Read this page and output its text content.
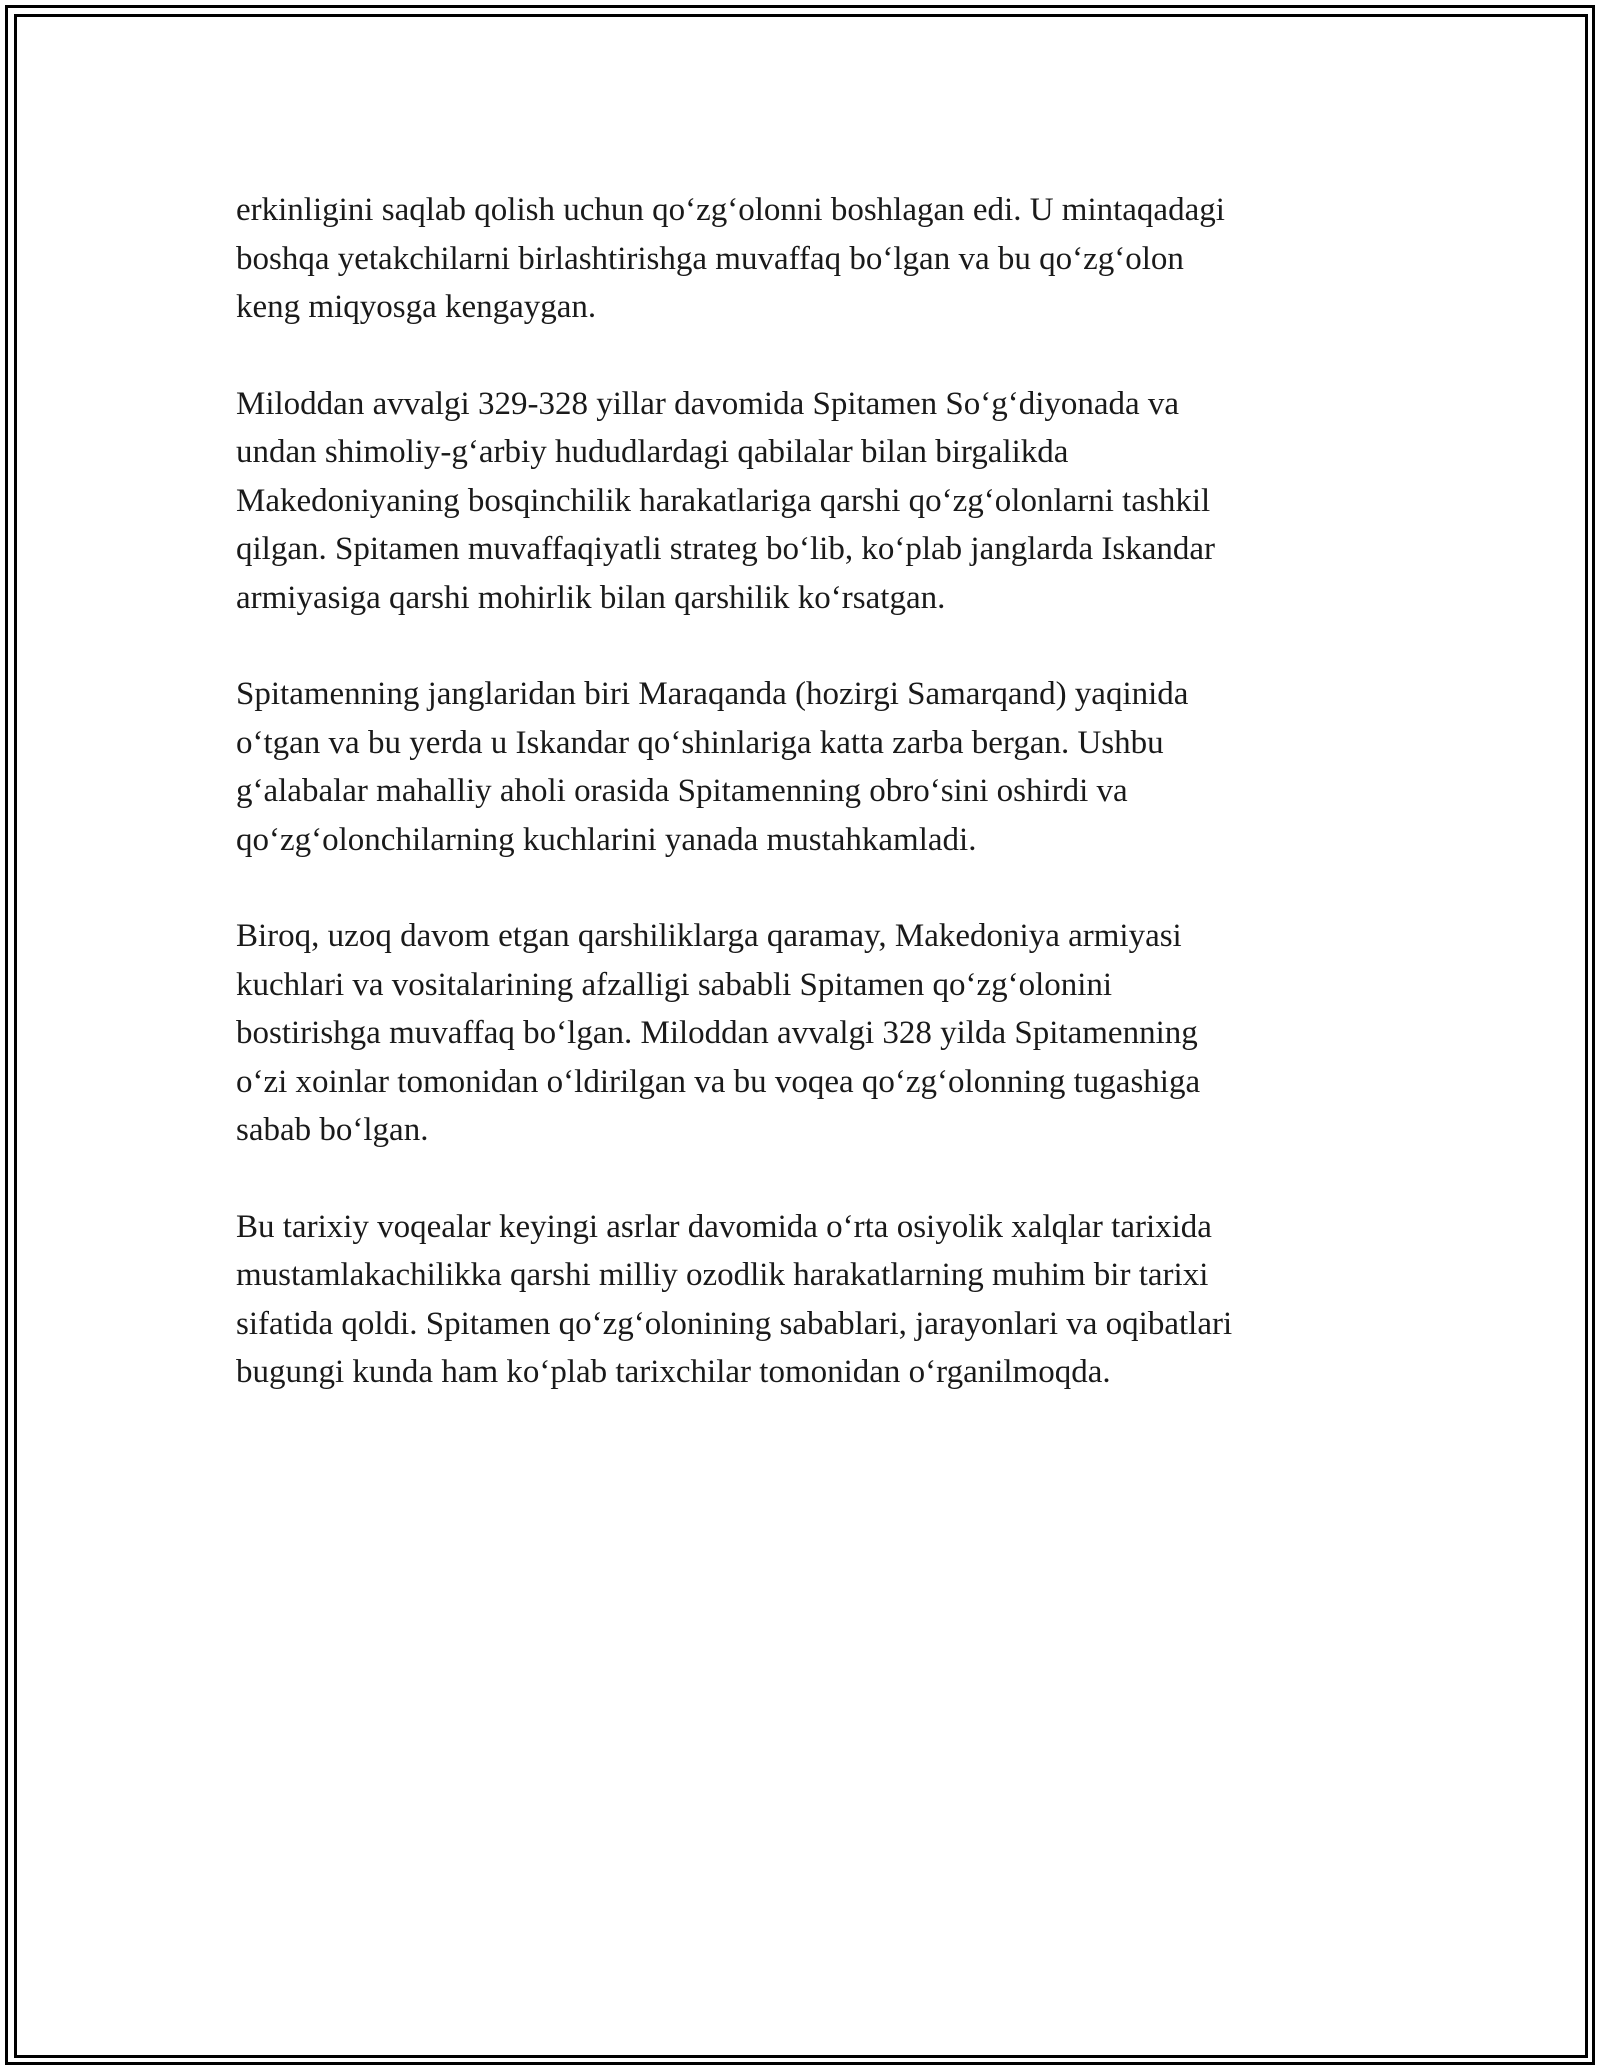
erkinligini saqlab qolish uchun qoʻzgʻolonni boshlagan edi. U mintaqadagi
boshqa yetakchilarni birlashtirishga muvaffaq boʻlgan va bu qoʻzgʻolon
keng miqyosga kengaygan.

Miloddan avvalgi 329-328 yillar davomida Spitamen Soʻgʻdiyonada va
undan shimoliy-gʻarbiy hududlardagi qabilalar bilan birgalikda
Makedoniyaning bosqinchilik harakatlariga qarshi qoʻzgʻolonlarni tashkil
qilgan. Spitamen muvaffaqiyatli strateg boʻlib, koʻplab janglarda Iskandar
armiyasiga qarshi mohirlik bilan qarshilik koʻrsatgan.

Spitamenning janglaridan biri Maraqanda (hozirgi Samarqand) yaqinida
oʻtgan va bu yerda u Iskandar qoʻshinlariga katta zarba bergan. Ushbu
gʻalabalar mahalliy aholi orasida Spitamenning obroʻsini oshirdi va
qoʻzgʻolonchilarning kuchlarini yanada mustahkamladi.

Biroq, uzoq davom etgan qarshiliklarga qaramay, Makedoniya armiyasi
kuchlari va vositalarining afzalligi sababli Spitamen qoʻzgʻolonini
bostirishga muvaffaq boʻlgan. Miloddan avvalgi 328 yilda Spitamenning
oʻzi xoinlar tomonidan oʻldirilgan va bu voqea qoʻzgʻolonning tugashiga
sabab boʻlgan.

Bu tarixiy voqealar keyingi asrlar davomida oʻrta osiyolik xalqlar tarixida
mustamlakachilikka qarshi milliy ozodlik harakatlarning muhim bir tarixi
sifatida qoldi. Spitamen qoʻzgʻolonining sabablari, jarayonlari va oqibatlari
bugungi kunda ham koʻplab tarixchilar tomonidan oʻrganilmoqda.
